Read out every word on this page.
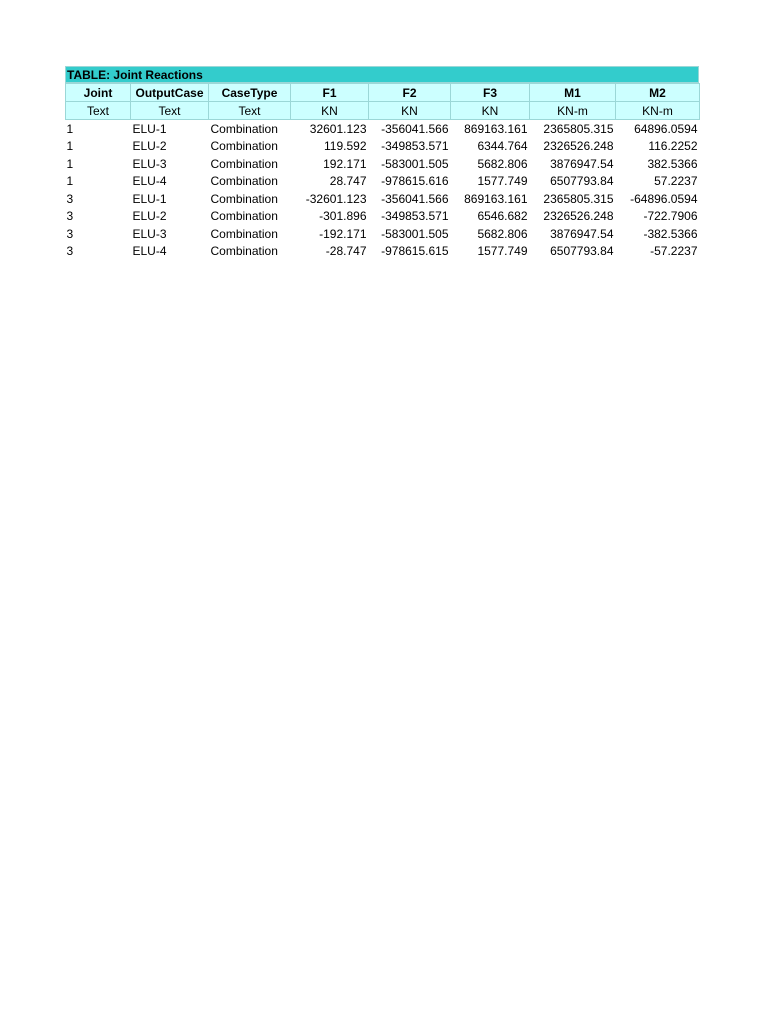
TABLE: Joint Reactions
Joint	OutputCase	CaseType	F1	F2	F3	M1	M2
Text	Text	Text	KN	KN	KN	KN-m	KN-m
1	ELU-1	Combination	32601.123	-356041.566	869163.161	2365805.315	64896.0594
1	ELU-2	Combination	119.592	-349853.571	6344.764	2326526.248	116.2252
1	ELU-3	Combination	192.171	-583001.505	5682.806	3876947.54	382.5366
1	ELU-4	Combination	28.747	-978615.616	1577.749	6507793.84	57.2237
3	ELU-1	Combination	-32601.123	-356041.566	869163.161	2365805.315	-64896.0594
3	ELU-2	Combination	-301.896	-349853.571	6546.682	2326526.248	-722.7906
3	ELU-3	Combination	-192.171	-583001.505	5682.806	3876947.54	-382.5366
3	ELU-4	Combination	-28.747	-978615.615	1577.749	6507793.84	-57.2237
